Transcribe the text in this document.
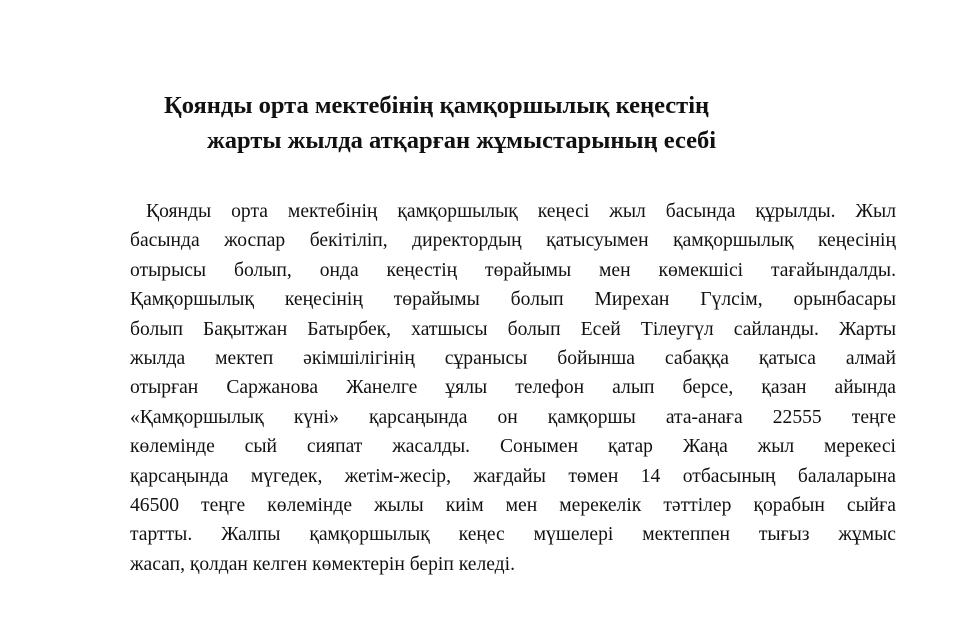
Қоянды орта мектебінің қамқоршылық кеңестің
жарты жылда атқарған жұмыстарының есебі
Қоянды орта мектебінің қамқоршылық кеңесі жыл басында құрылды. Жыл
басында жоспар бекітіліп, директордың қатысуымен қамқоршылық кеңесінің
отырысы болып, онда кеңестің төрайымы мен көмекшісі тағайындалды.
Қамқоршылық кеңесінің төрайымы болып Мирехан Гүлсім, орынбасары
болып Бақытжан Батырбек, хатшысы болып Есей Тілеугүл сайланды. Жарты
жылда мектеп әкімшілігінің сұранысы бойынша сабаққа қатыса алмай
отырған Саржанова Жанелге ұялы телефон алып берсе, қазан айында
«Қамқоршылық күні» қарсаңында он қамқоршы ата-анаға 22555 теңге
көлемінде сый сияпат жасалды. Сонымен қатар Жаңа жыл мерекесі
қарсаңында мүгедек, жетім-жесір, жағдайы төмен 14 отбасының балаларына
46500 теңге көлемінде жылы киім мен мерекелік тәттілер қорабын сыйға
тартты. Жалпы қамқоршылық кеңес мүшелері мектеппен тығыз жұмыс
жасап, қолдан келген көмектерін беріп келеді.
